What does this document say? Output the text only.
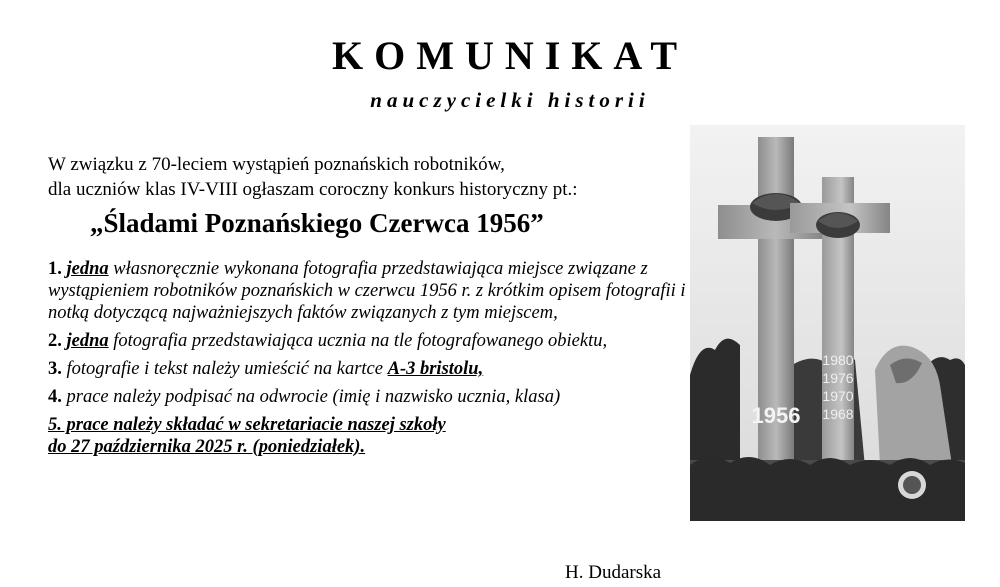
KOMUNIKAT
nauczycielki historii
W związku z 70-leciem wystąpień poznańskich robotników,
dla uczniów klas IV-VIII ogłaszam coroczny konkurs historyczny pt.:
„Śladami Poznańskiego Czerwca 1956”
1. jedna własnoręcznie wykonana fotografia przedstawiająca miejsce związane z wystąpieniem robotników poznańskich w czerwcu 1956 r. z krótkim opisem fotografii i notką dotyczącą najważniejszych faktów związanych z tym miejscem,
2. jedna fotografia przedstawiająca ucznia na tle fotografowanego obiektu,
3. fotografie i tekst należy umieścić na kartce A-3 bristolu,
4. prace należy podpisać na odwrocie (imię i nazwisko ucznia, klasa)
5. prace należy składać w sekretariacie naszej szkoły
do 27 października 2025 r. (poniedziałek).
H. Dudarska
1956
1980
1976
1970
1968
